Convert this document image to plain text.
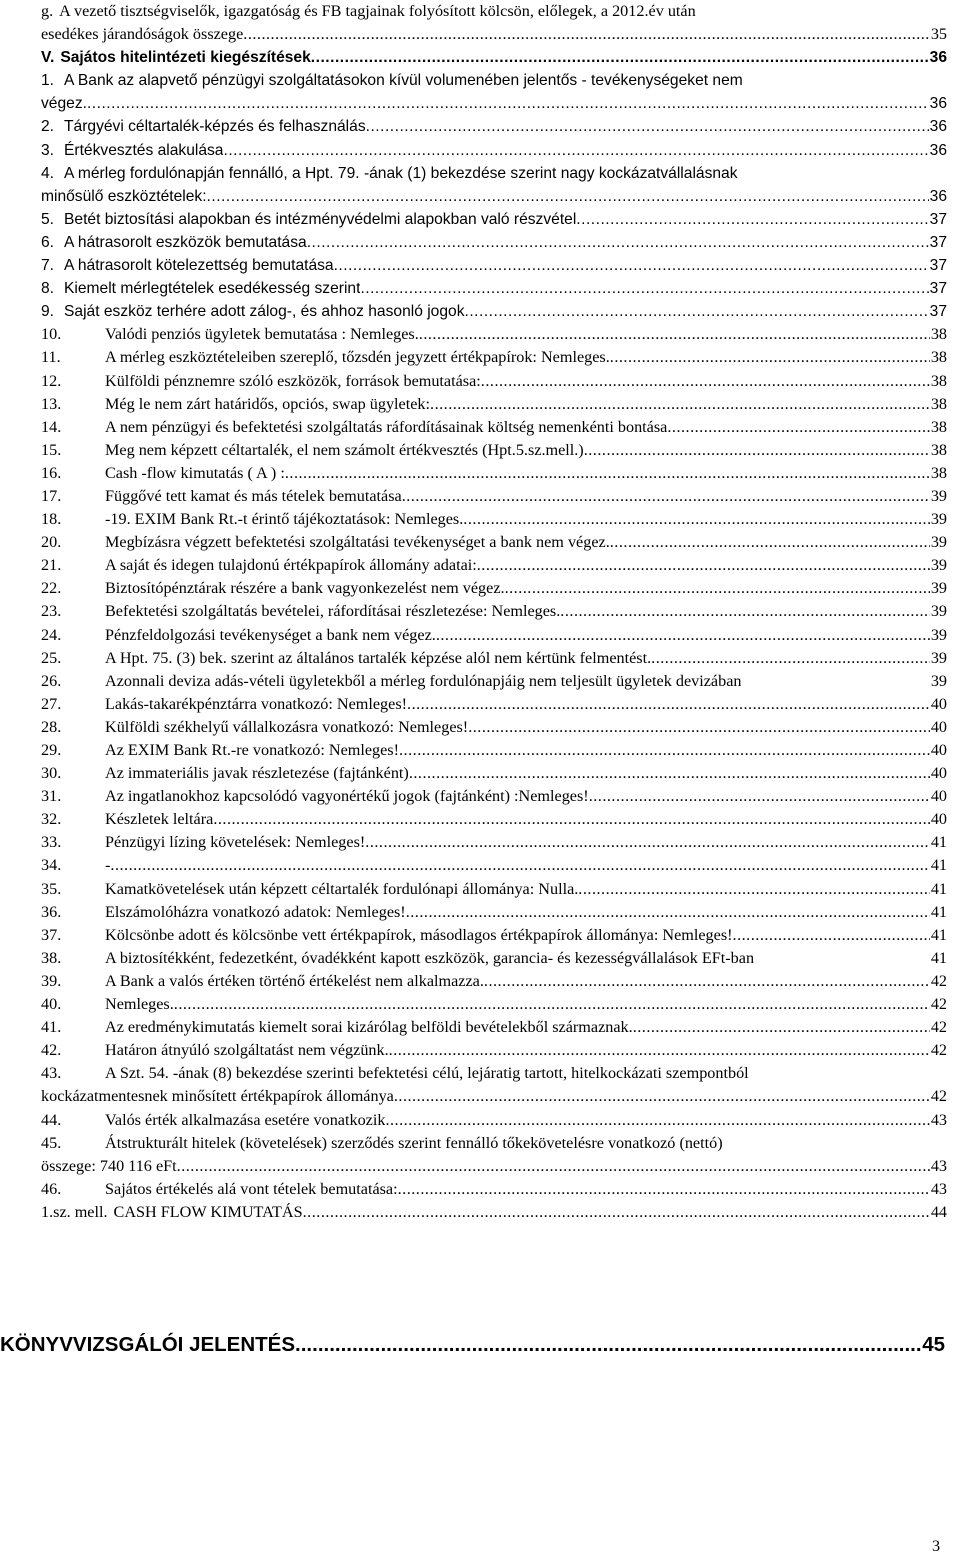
g. A vezető tisztségviselők, igazgatóság és FB tagjainak folyósított kölcsön, előlegek, a 2012.év után
esedékes járandóságok összege .....	35
V. Sajátos hitelintézeti kiegészítések .....	36
1. A Bank az alapvető pénzügyi szolgáltatásokon kívül volumenében jelentős - tevékenységeket nem
végez. .....	36
2. Tárgyévi céltartalék-képzés és felhasználás .....	36
3. Értékvesztés alakulása .....	36
4. A mérleg fordulónapján fennálló, a Hpt. 79. -ának (1) bekezdése szerint nagy kockázatvállalásnak
minősülő eszköztételek: .....	36
5. Betét biztosítási alapokban és intézményvédelmi alapokban való részvétel .....	37
6. A hátrasorolt eszközök bemutatása .....	37
7. A hátrasorolt kötelezettség bemutatása .....	37
8. Kiemelt mérlegtételek esedékesség szerint .....	37
9. Saját eszköz terhére adott zálog-, és ahhoz hasonló jogok .....	37
10.	Valódi penziós ügyletek bemutatása : Nemleges. .....	38
11.	A mérleg eszköztételeiben szereplő, tőzsdén jegyzett értékpapírok: Nemleges. .....	38
12.	Külföldi pénznemre szóló eszközök, források bemutatása: .....	38
13.	Még le nem zárt határidős, opciós, swap ügyletek: .....	38
14.	A nem pénzügyi és befektetési szolgáltatás ráfordításainak költség nemenkénti bontása .....	38
15.	Meg nem képzett céltartalék, el nem számolt értékvesztés (Hpt.5.sz.mell.) .....	38
16.	Cash -flow kimutatás ( A ) : .....	38
17.	Függővé tett kamat és más tételek bemutatása .....	39
18.	-19. EXIM Bank Rt.-t érintő tájékoztatások: Nemleges. .....	39
20.	Megbízásra végzett befektetési szolgáltatási tevékenységet a bank nem végez. .....	39
21.	A saját és idegen tulajdonú értékpapírok állomány adatai: .....	39
22.	Biztosítópénztárak részére a bank vagyonkezelést nem végez. .....	39
23.	Befektetési szolgáltatás bevételei, ráfordításai részletezése: Nemleges. .....	39
24.	Pénzfeldolgozási tevékenységet a bank nem végez. .....	39
25.	A Hpt. 75. (3) bek. szerint az általános tartalék képzése alól nem kértünk felmentést. .....	39
26.	Azonnali deviza adás-vételi ügyletekből a mérleg fordulónapjáig nem teljesült ügyletek devizában	39
27.	Lakás-takarékpénztárra vonatkozó: Nemleges! .....	40
28.	Külföldi székhelyű vállalkozásra vonatkozó: Nemleges! .....	40
29.	Az EXIM Bank Rt.-re vonatkozó: Nemleges! .....	40
30.	Az immateriális javak részletezése (fajtánként) .....	40
31.	Az ingatlanokhoz kapcsolódó vagyonértékű jogok (fajtánként) :Nemleges! .....	40
32.	Készletek leltára .....	40
33.	Pénzügyi lízing követelések: Nemleges! .....	41
34.	- .....	41
35.	Kamatkövetelések után képzett céltartalék fordulónapi állománya: Nulla. .....	41
36.	Elszámolóházra vonatkozó adatok: Nemleges! .....	41
37.	Kölcsönbe adott és kölcsönbe vett értékpapírok, másodlagos értékpapírok állománya: Nemleges! .....	41
38.	A biztosítékként, fedezetként, óvadékként kapott eszközök, garancia- és kezességvállalások EFt-ban	41
39.	A Bank a valós értéken történő értékelést nem alkalmazza. .....	42
40.	Nemleges. .....	42
41.	Az eredménykimutatás kiemelt sorai kizárólag belföldi bevételekből származnak. .....	42
42.	Határon átnyúló szolgáltatást nem végzünk. .....	42
43.	A Szt. 54. -ának (8) bekezdése szerinti befektetési célú, lejáratig tartott, hitelkockázati szempontból
kockázatmentesnek minősített értékpapírok állománya .....	42
44.	Valós érték alkalmazása esetére vonatkozik .....	43
45.	Átstrukturált hitelek (követelések) szerződés szerint fennálló tőkekövetelésre vonatkozó (nettó)
összege: 740 116 eFt .....	43
46.	Sajátos értékelés alá vont tételek bemutatása: .....	43
1.sz. mell. CASH FLOW KIMUTATÁS .....	44
KÖNYVVIZSGÁLÓI JELENTÉS .....	45
3
